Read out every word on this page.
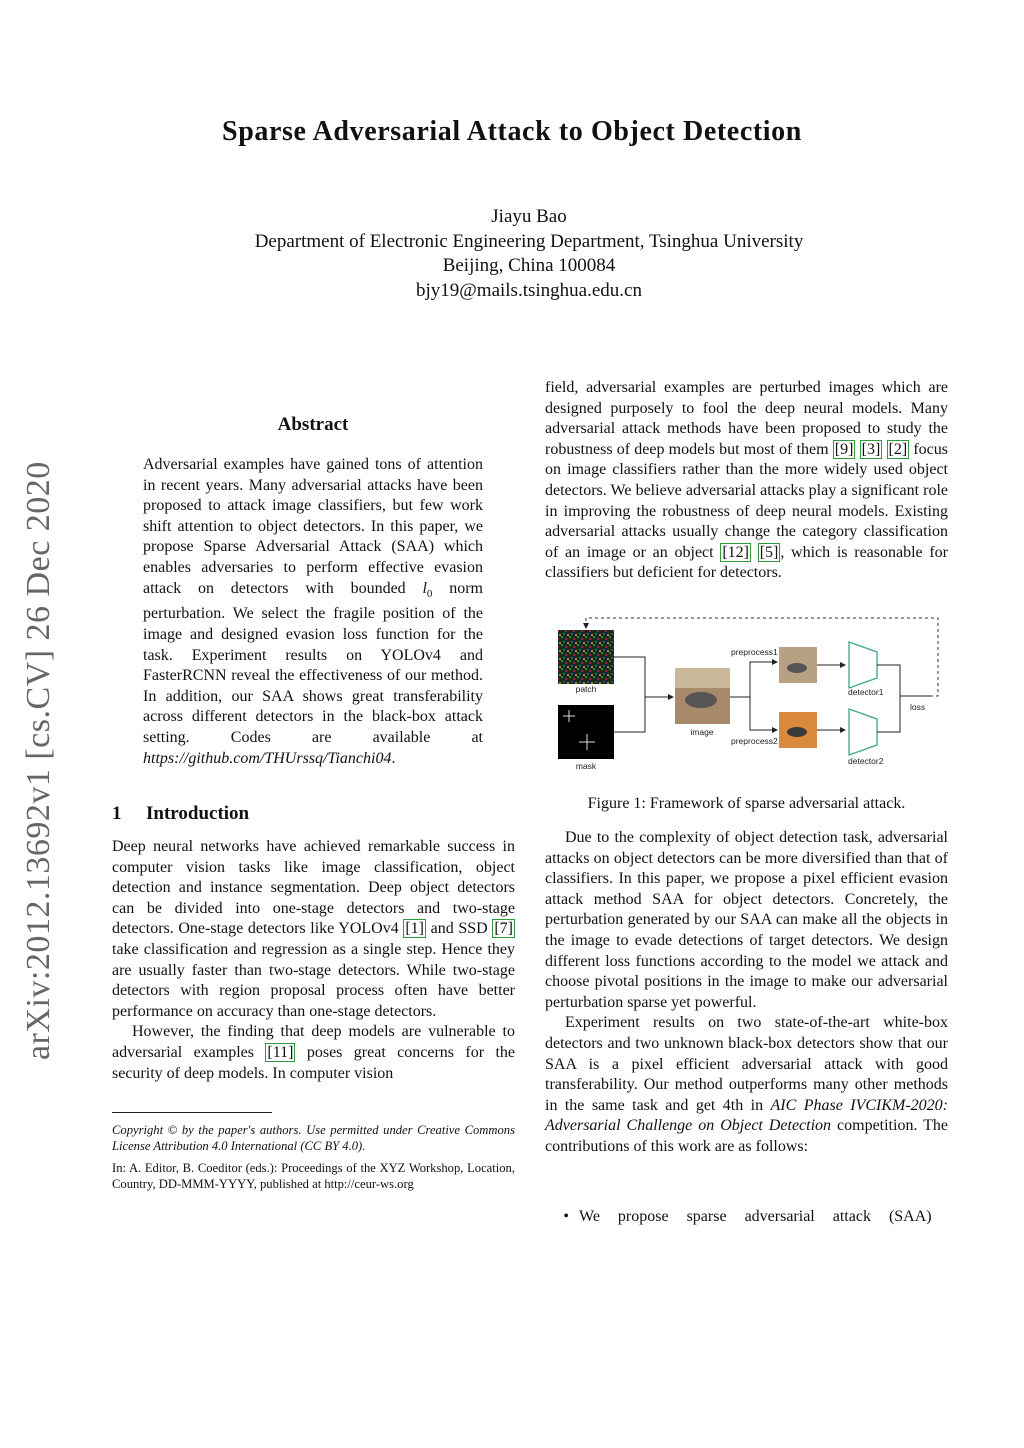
arXiv:2012.13692v1 [cs.CV] 26 Dec 2020
Sparse Adversarial Attack to Object Detection
Jiayu Bao
Department of Electronic Engineering Department, Tsinghua University
Beijing, China 100084
bjy19@mails.tsinghua.edu.cn
Abstract

Adversarial examples have gained tons of attention in recent years. Many adversarial attacks have been proposed to attack image classifiers, but few work shift attention to object detectors. In this paper, we propose Sparse Adversarial Attack (SAA) which enables adversaries to perform effective evasion attack on detectors with bounded $l_0$ norm perturbation. We select the fragile position of the image and designed evasion loss function for the task. Experiment results on YOLOv4 and FasterRCNN reveal the effectiveness of our method. In addition, our SAA shows great transferability across different detectors in the black-box attack setting. Codes are available at https://github.com/THUrssq/Tianchi04.

1 Introduction

Deep neural networks have achieved remarkable success in computer vision tasks like image classification, object detection and instance segmentation. Deep object detectors can be divided into one-stage detectors and two-stage detectors. One-stage detectors like YOLOv4 [1] and SSD [7] take classification and regression as a single step. Hence they are usually faster than two-stage detectors. While two-stage detectors with region proposal process often have better performance on accuracy than one-stage detectors.

However, the finding that deep models are vulnerable to adversarial examples [11] poses great concerns for the security of deep models. In computer vision

Copyright © by the paper's authors. Use permitted under Creative Commons License Attribution 4.0 International (CC BY 4.0).

In: A. Editor, B. Coeditor (eds.): Proceedings of the XYZ Workshop, Location, Country, DD-MMM-YYYY, published at http://ceur-ws.org

field, adversarial examples are perturbed images which are designed purposely to fool the deep neural models. Many adversarial attack methods have been proposed to study the robustness of deep models but most of them [9] [3] [2] focus on image classifiers rather than the more widely used object detectors. We believe adversarial attacks play a significant role in improving the robustness of deep neural models. Existing adversarial attacks usually change the category classification of an image or an object [12] [5] , which is reasonable for classifiers but deficient for detectors.

patch
mask
image
preprocess1
preprocess2
detector1
detector2
loss
Figure 1: Framework of sparse adversarial attack.

Due to the complexity of object detection task, adversarial attacks on object detectors can be more diversified than that of classifiers. In this paper, we propose a pixel efficient evasion attack method SAA for object detectors. Concretely, the perturbation generated by our SAA can make all the objects in the image to evade detections of target detectors. We design different loss functions according to the model we attack and choose pivotal positions in the image to make our adversarial perturbation sparse yet powerful.

Experiment results on two state-of-the-art white-box detectors and two unknown black-box detectors show that our SAA is a pixel efficient adversarial attack with good transferability. Our method outperforms many other methods in the same task and get 4th in AIC Phase IVCIKM-2020: Adversarial Challenge on Object Detection competition. The contributions of this work are as follows:

• We propose sparse adversarial attack (SAA)
